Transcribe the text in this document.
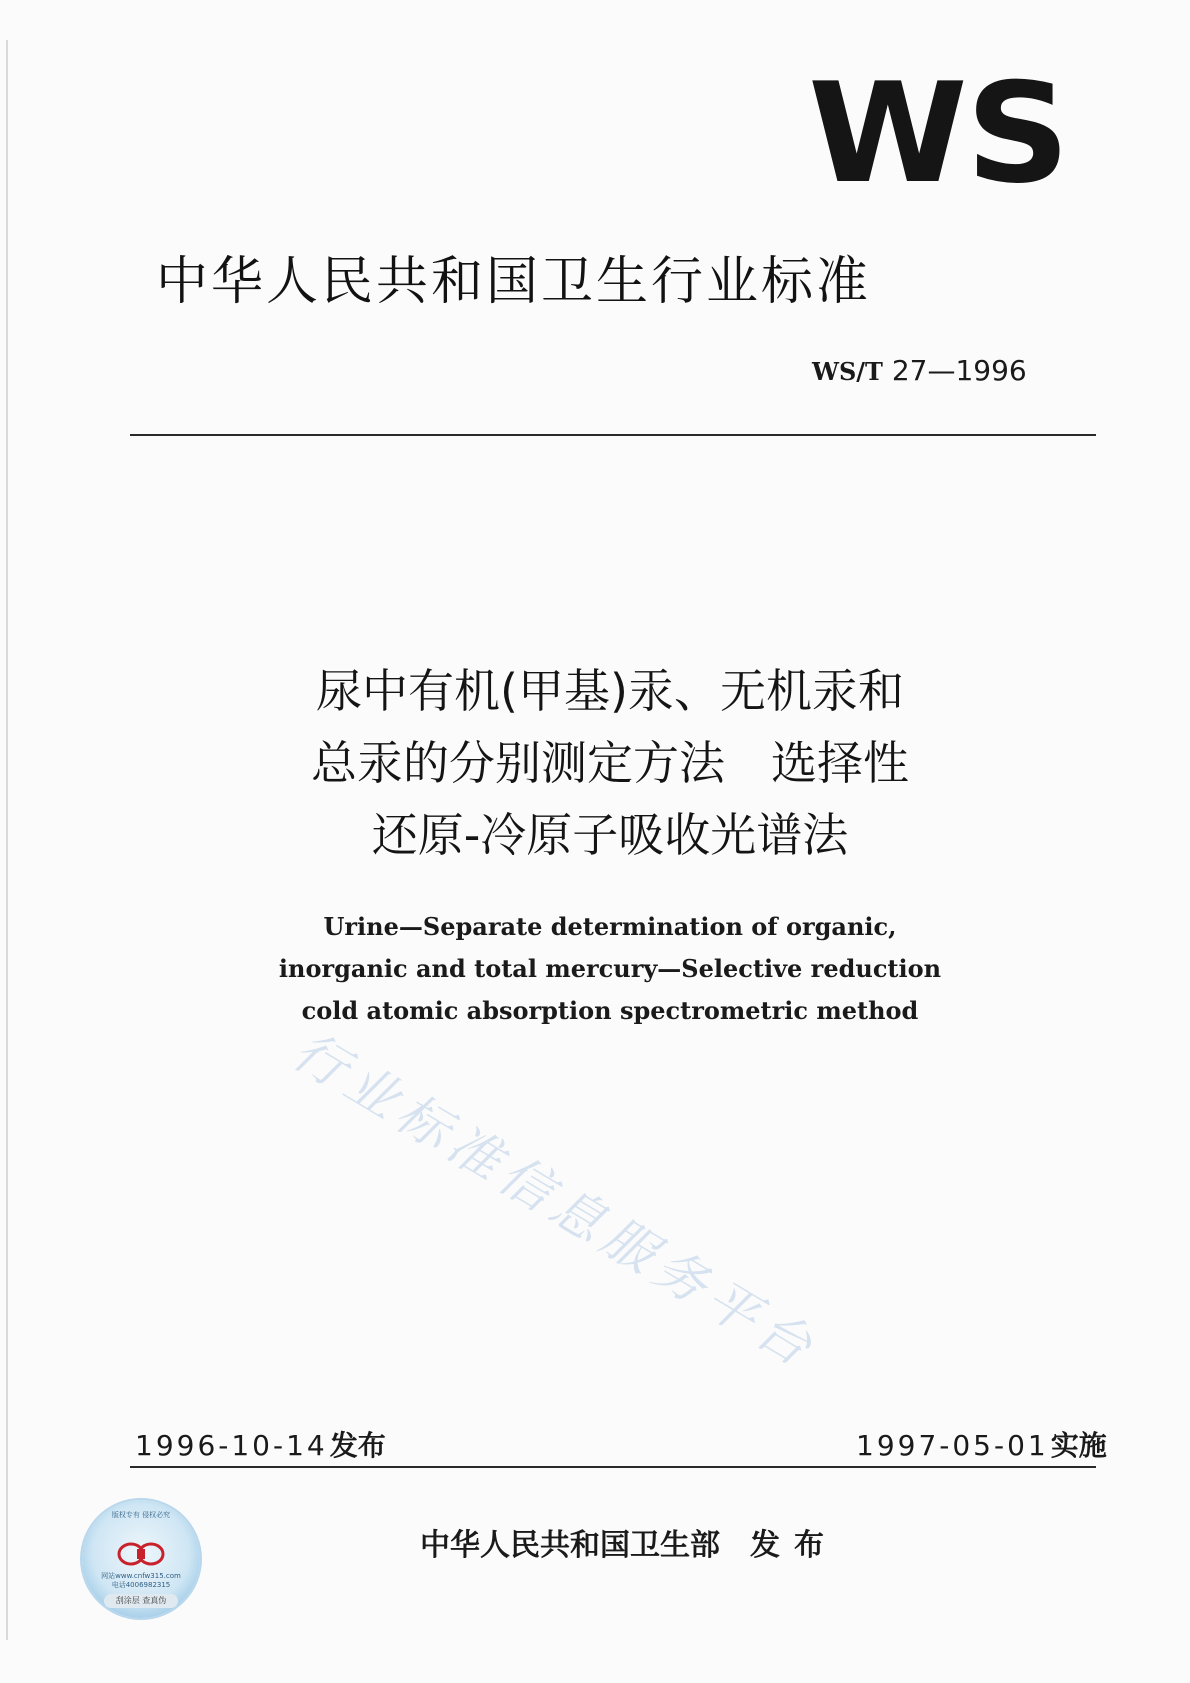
WS
中华人民共和国卫生行业标准
WS/T 27—1996
尿中有机(甲基)汞、无机汞和
总汞的分别测定方法　选择性
还原-冷原子吸收光谱法
Urine—Separate determination of organic,
inorganic and total mercury—Selective reduction
cold atomic absorption spectrometric method
行业标准信息服务平台
1996-10-14发布	1997-05-01实施
版权专有 侵权必究
网站www.cnfw315.com
电话4006982315
刮涂层 查真伪
中华人民共和国卫生部 发布
